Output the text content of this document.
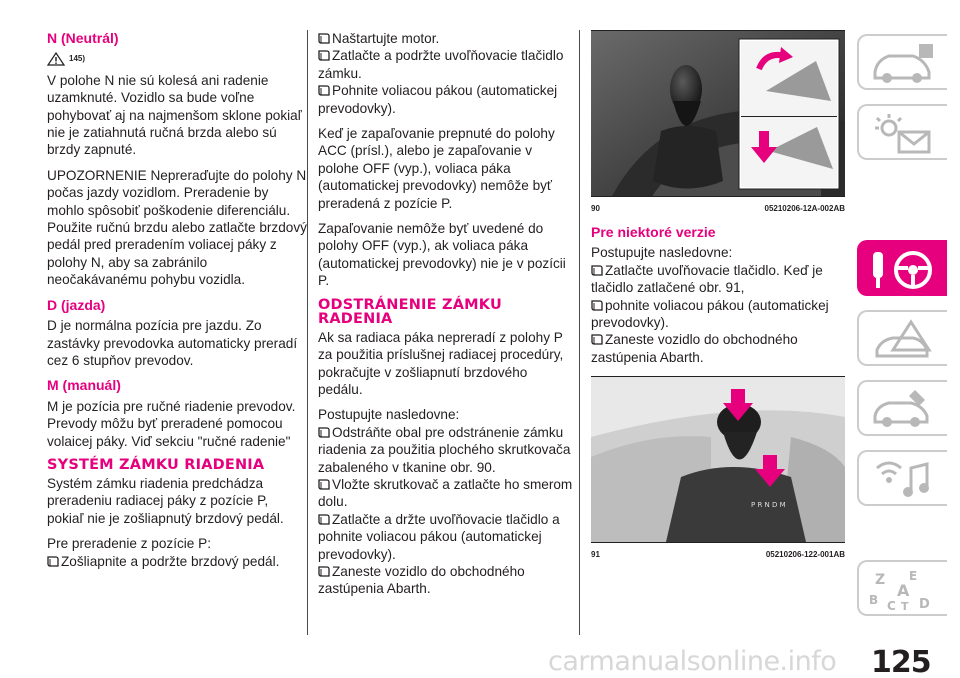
N (Neutrál)
145)

V polohe N nie sú kolesá ani radenie uzamknuté. Vozidlo sa bude voľne pohybovať aj na najmenšom sklone pokiaľ nie je zatiahnutá ručná brzda alebo sú brzdy zapnuté.

UPOZORNENIE Nepreraďujte do polohy N počas jazdy vozidlom. Preradenie by mohlo spôsobiť poškodenie diferenciálu. Použite ručnú brzdu alebo zatlačte brzdový pedál pred preradením voliacej páky z polohy N, aby sa zabránilo neočakávanému pohybu vozidla.

D (jazda)

D je normálna pozícia pre jazdu. Zo zastávky prevodovka automaticky preradí cez 6 stupňov prevodov.

M (manuál)

M je pozícia pre ručné riadenie prevodov. Prevody môžu byť preradené pomocou volaicej páky. Viď sekciu "ručné radenie"

SYSTÉM ZÁMKU RIADENIA

Systém zámku riadenia predchádza preradeniu radiacej páky z pozície P, pokiaľ nie je zošliapnutý brzdový pedál.

Pre preradenie z pozície P:

Zošliapnite a podržte brzdový pedál.

Naštartujte motor.

Zatlačte a podržte uvoľňovacie tlačidlo zámku.

Pohnite voliacou pákou (automatickej prevodovky).

Keď je zapaľovanie prepnuté do polohy ACC (prísl.), alebo je zapaľovanie v polohe OFF (vyp.), voliaca páka (automatickej prevodovky) nemôže byť preradená z pozície P.

Zapaľovanie nemôže byť uvedené do polohy OFF (vyp.), ak voliaca páka (automatickej prevodovky) nie je v pozícii P.

ODSTRÁNENIE ZÁMKU RADENIA

Ak sa radiaca páka nepreradí z polohy P za použitia príslušnej radiacej procedúry, pokračujte v zošliapnutí brzdového pedálu.

Postupujte nasledovne:

Odstráňte obal pre odstránenie zámku riadenia za použitia plochého skrutkovača zabaleného v tkanine obr. 90.

Vložte skrutkovač a zatlačte ho smerom dolu.

Zatlačte a držte uvoľňovacie tlačidlo a pohnite voliacou pákou (automatickej prevodovky).

Zaneste vozidlo do obchodného zastúpenia Abarth.

90	05210206-12A-002AB
Pre niektoré verzie

Postupujte nasledovne:

Zatlačte uvoľňovacie tlačidlo. Keď je tlačidlo zatlačené obr. 91,

pohnite voliacou pákou (automatickej prevodovky).

Zaneste vozidlo do obchodného zastúpenia Abarth.

P R N D M
91	05210206-122-001AB
Z E
A
B C T D
carmanualsonline.info 125
